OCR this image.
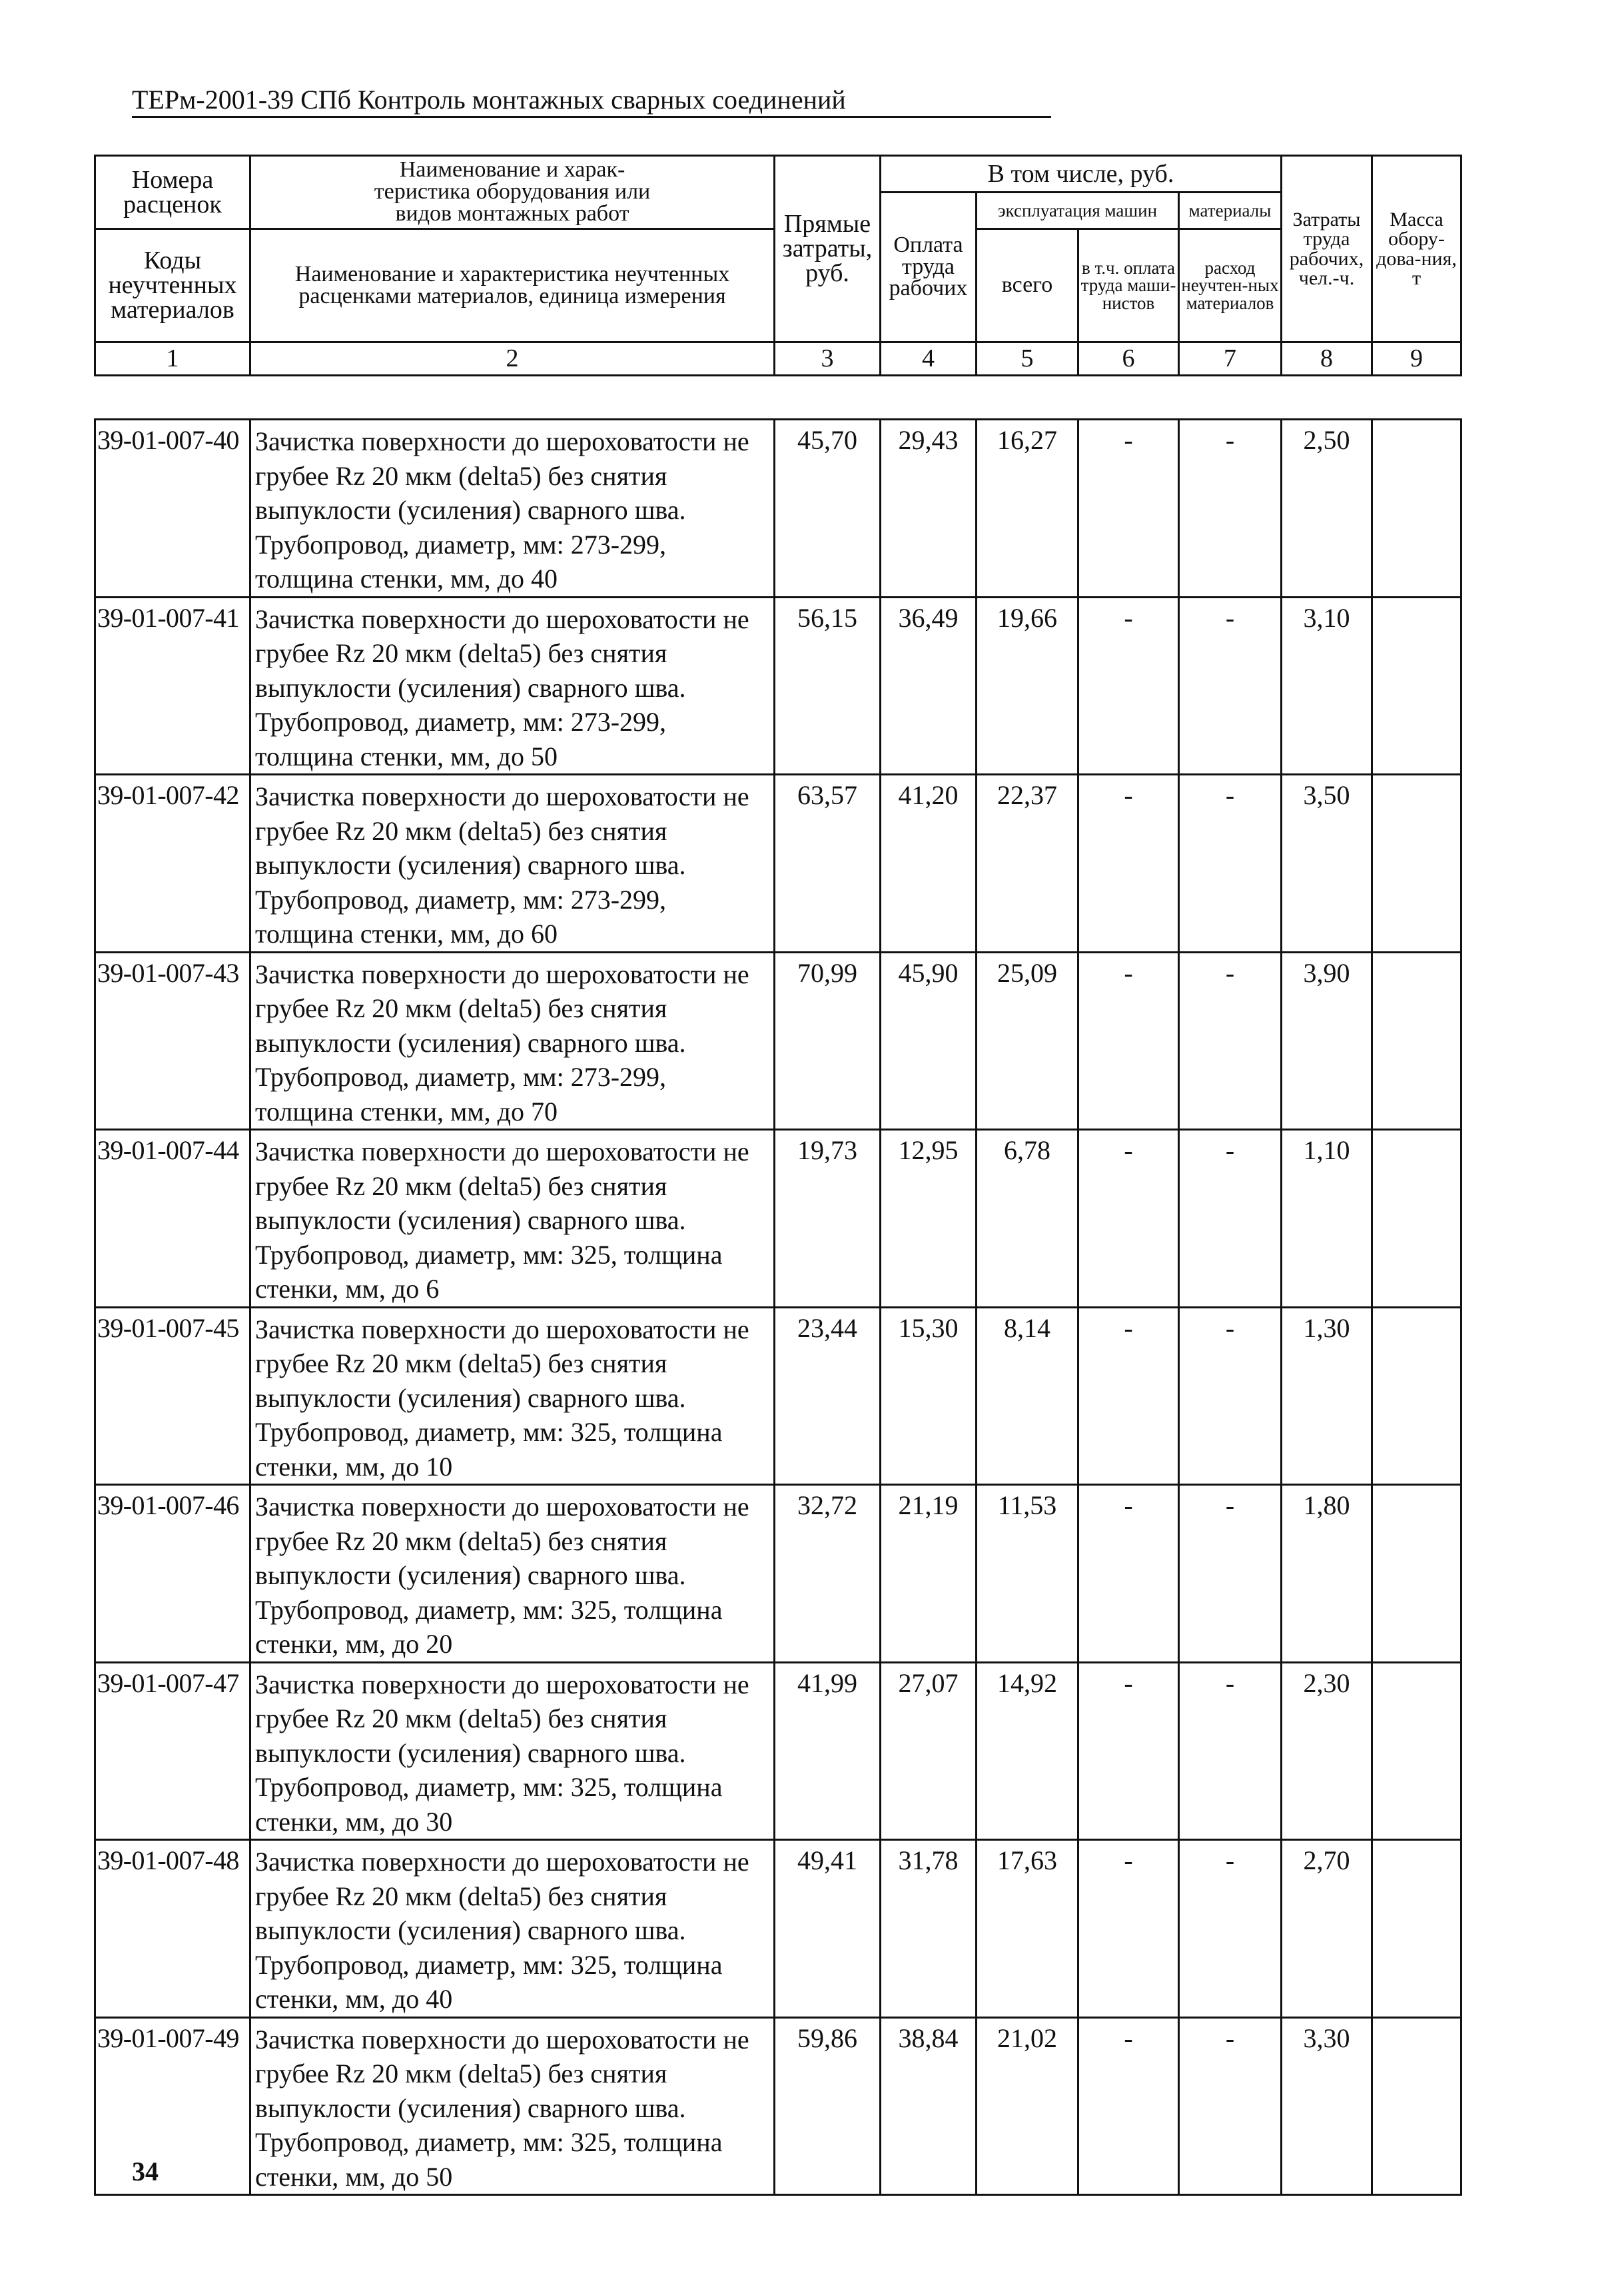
ТЕРм-2001-39 СПб Контроль монтажных сварных соединений
Номера расценок	Наименование и харак-
теристика оборудования или
видов монтажных работ	Прямые затраты, руб.	В том числе, руб.				Затраты труда рабочих, чел.-ч.	Масса обору-дова-ния, т
			Оплата труда рабочих	эксплуатация машин		материалы		
Коды неучтенных материалов	Наименование и характеристика неучтенных расценками материалов, единица измерения			всего	в т.ч. оплата труда маши-нистов	расход неучтен-ных материалов		

1	2	3	4	5	6	7	8	9
39-01-007-40	Зачистка поверхности до шероховатости не
грубее Rz 20 мкм (delta5) без снятия
выпуклости (усиления) сварного шва.
Трубопровод, диаметр, мм: 273-299,
толщина стенки, мм, до 40	45,70	29,43	16,27	-	-	2,50	
39-01-007-41	Зачистка поверхности до шероховатости не
грубее Rz 20 мкм (delta5) без снятия
выпуклости (усиления) сварного шва.
Трубопровод, диаметр, мм: 273-299,
толщина стенки, мм, до 50	56,15	36,49	19,66	-	-	3,10	
39-01-007-42	Зачистка поверхности до шероховатости не
грубее Rz 20 мкм (delta5) без снятия
выпуклости (усиления) сварного шва.
Трубопровод, диаметр, мм: 273-299,
толщина стенки, мм, до 60	63,57	41,20	22,37	-	-	3,50	
39-01-007-43	Зачистка поверхности до шероховатости не
грубее Rz 20 мкм (delta5) без снятия
выпуклости (усиления) сварного шва.
Трубопровод, диаметр, мм: 273-299,
толщина стенки, мм, до 70	70,99	45,90	25,09	-	-	3,90	
39-01-007-44	Зачистка поверхности до шероховатости не
грубее Rz 20 мкм (delta5) без снятия
выпуклости (усиления) сварного шва.
Трубопровод, диаметр, мм: 325, толщина
стенки, мм, до 6	19,73	12,95	6,78	-	-	1,10	
39-01-007-45	Зачистка поверхности до шероховатости не
грубее Rz 20 мкм (delta5) без снятия
выпуклости (усиления) сварного шва.
Трубопровод, диаметр, мм: 325, толщина
стенки, мм, до 10	23,44	15,30	8,14	-	-	1,30	
39-01-007-46	Зачистка поверхности до шероховатости не
грубее Rz 20 мкм (delta5) без снятия
выпуклости (усиления) сварного шва.
Трубопровод, диаметр, мм: 325, толщина
стенки, мм, до 20	32,72	21,19	11,53	-	-	1,80	
39-01-007-47	Зачистка поверхности до шероховатости не
грубее Rz 20 мкм (delta5) без снятия
выпуклости (усиления) сварного шва.
Трубопровод, диаметр, мм: 325, толщина
стенки, мм, до 30	41,99	27,07	14,92	-	-	2,30	
39-01-007-48	Зачистка поверхности до шероховатости не
грубее Rz 20 мкм (delta5) без снятия
выпуклости (усиления) сварного шва.
Трубопровод, диаметр, мм: 325, толщина
стенки, мм, до 40	49,41	31,78	17,63	-	-	2,70	
39-01-007-49	Зачистка поверхности до шероховатости не
грубее Rz 20 мкм (delta5) без снятия
выпуклости (усиления) сварного шва.
Трубопровод, диаметр, мм: 325, толщина
стенки, мм, до 50	59,86	38,84	21,02	-	-	3,30	
34
